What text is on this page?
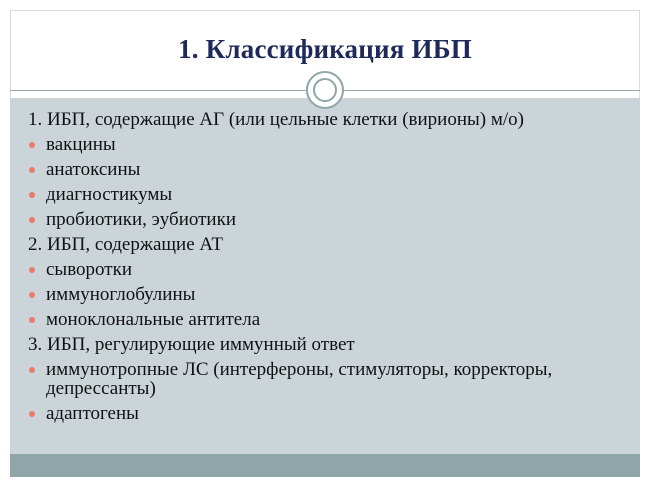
1. Классификация ИБП
1. ИБП, содержащие АГ (или цельные клетки (вирионы) м/о)
вакцины
анатоксины
диагностикумы
пробиотики, эубиотики
2. ИБП, содержащие АТ
сыворотки
иммуноглобулины
моноклональные антитела
3. ИБП, регулирующие иммунный ответ
иммунотропные ЛС (интерфероны, стимуляторы, корректоры, депрессанты)
адаптогены
